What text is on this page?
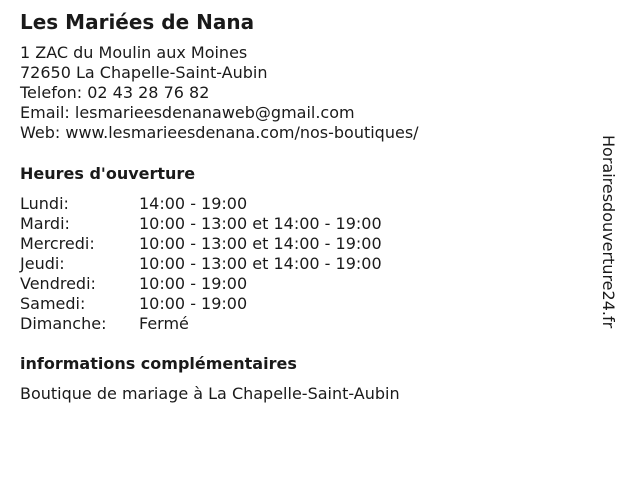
Les Mariées de Nana
1 ZAC du Moulin aux Moines
72650 La Chapelle-Saint-Aubin
Telefon: 02 43 28 76 82
Email: lesmarieesdenanaweb@gmail.com
Web: www.lesmarieesdenana.com/nos-boutiques/
Heures d'ouverture
Lundi:	14:00 - 19:00
Mardi:	10:00 - 13:00 et 14:00 - 19:00
Mercredi:	10:00 - 13:00 et 14:00 - 19:00
Jeudi:	10:00 - 13:00 et 14:00 - 19:00
Vendredi:	10:00 - 19:00
Samedi:	10:00 - 19:00
Dimanche:	Fermé
informations complémentaires
Boutique de mariage à La Chapelle-Saint-Aubin
Horairesdouverture24.fr
